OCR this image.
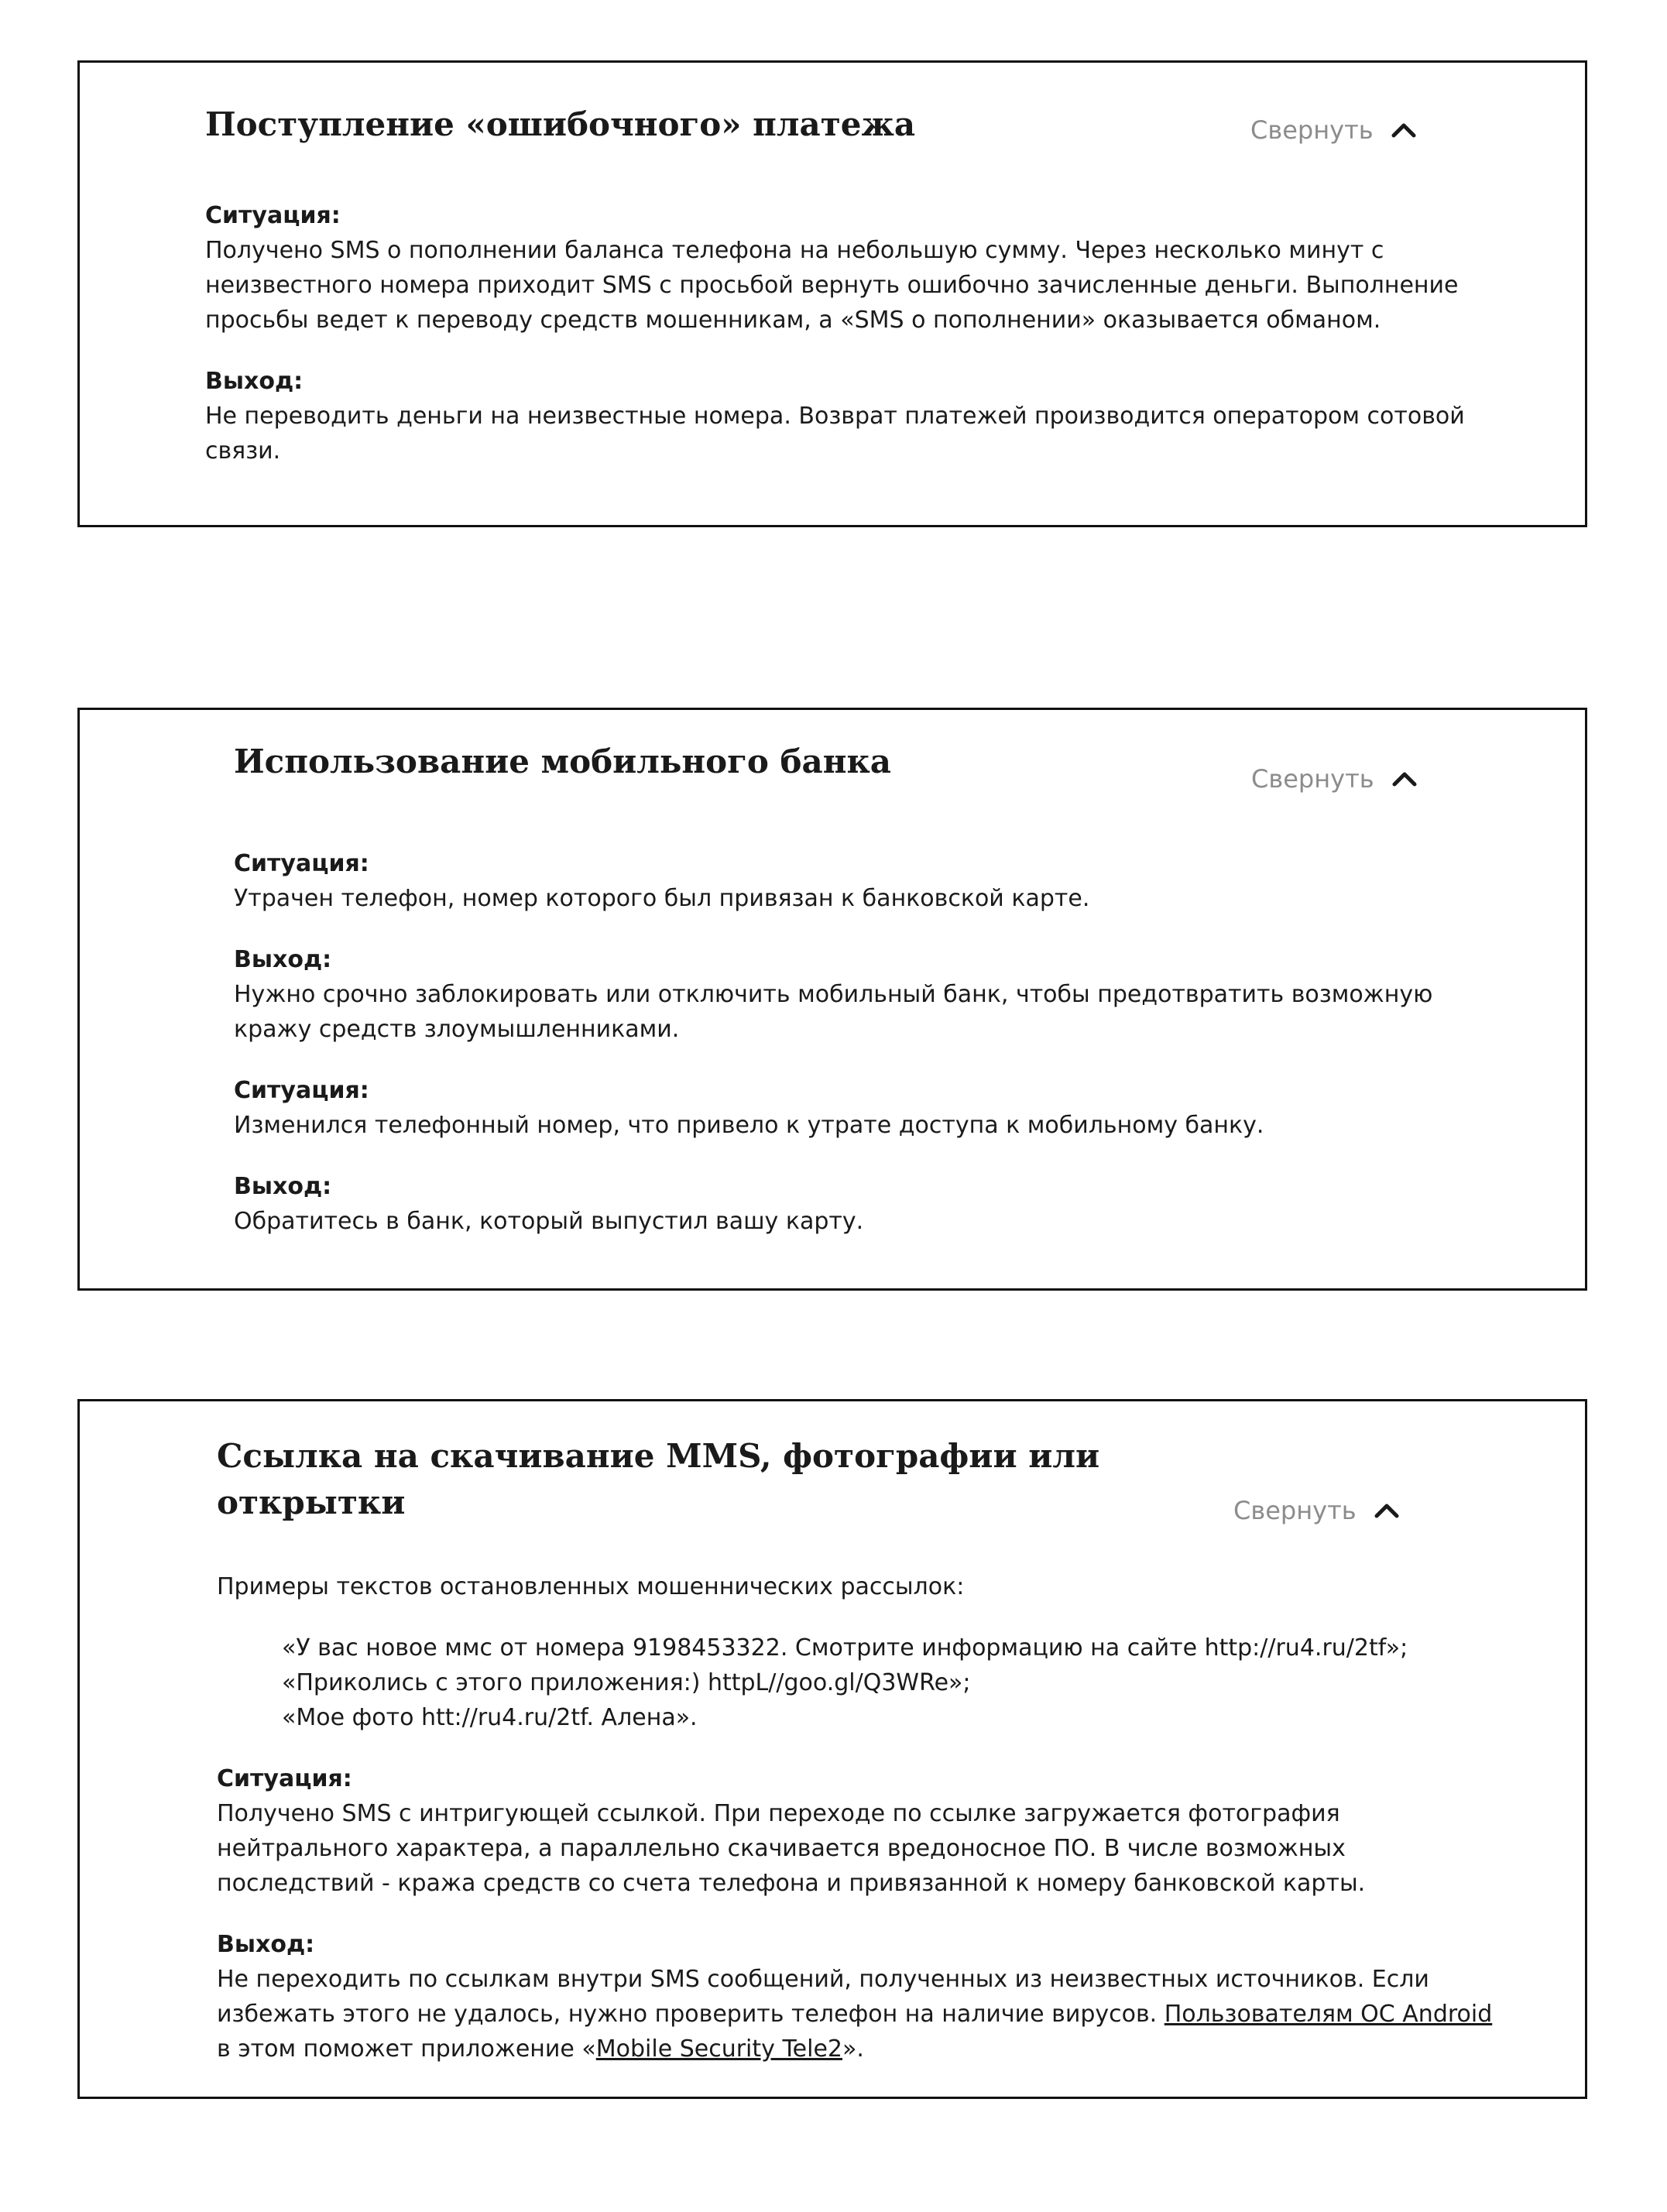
Поступление «ошибочного» платежа	Свернуть

Ситуация:

Получено SMS о пополнении баланса телефона на небольшую сумму. Через несколько минут с

неизвестного номера приходит SMS с просьбой вернуть ошибочно зачисленные деньги. Выполнение

просьбы ведет к переводу средств мошенникам, а «SMS о пополнении» оказывается обманом.

Выход:

Не переводить деньги на неизвестные номера. Возврат платежей производится оператором сотовой

связи.

Использование мобильного банка	Свернуть

Ситуация:

Утрачен телефон, номер которого был привязан к банковской карте.

Выход:

Нужно срочно заблокировать или отключить мобильный банк, чтобы предотвратить возможную

кражу средств злоумышленниками.

Ситуация:

Изменился телефонный номер, что привело к утрате доступа к мобильному банку.

Выход:

Обратитесь в банк, который выпустил вашу карту.

Ссылка на скачивание MMS, фотографии или
открытки	Свернуть

Примеры текстов остановленных мошеннических рассылок:

«У вас новое ммс от номера 9198453322. Смотрите информацию на сайте http://ru4.ru/2tf»;

«Приколись с этого приложения:) httpL//goo.gl/Q3WRe»;

«Мое фото htt://ru4.ru/2tf. Алена».

Ситуация:

Получено SMS с интригующей ссылкой. При переходе по ссылке загружается фотография

нейтрального характера, а параллельно скачивается вредоносное ПО. В числе возможных

последствий - кража средств со счета телефона и привязанной к номеру банковской карты.

Выход:

Не переходить по ссылкам внутри SMS сообщений, полученных из неизвестных источников. Если

избежать этого не удалось, нужно проверить телефон на наличие вирусов. Пользователям ОС Android

в этом поможет приложение «Mobile Security Tele2».
